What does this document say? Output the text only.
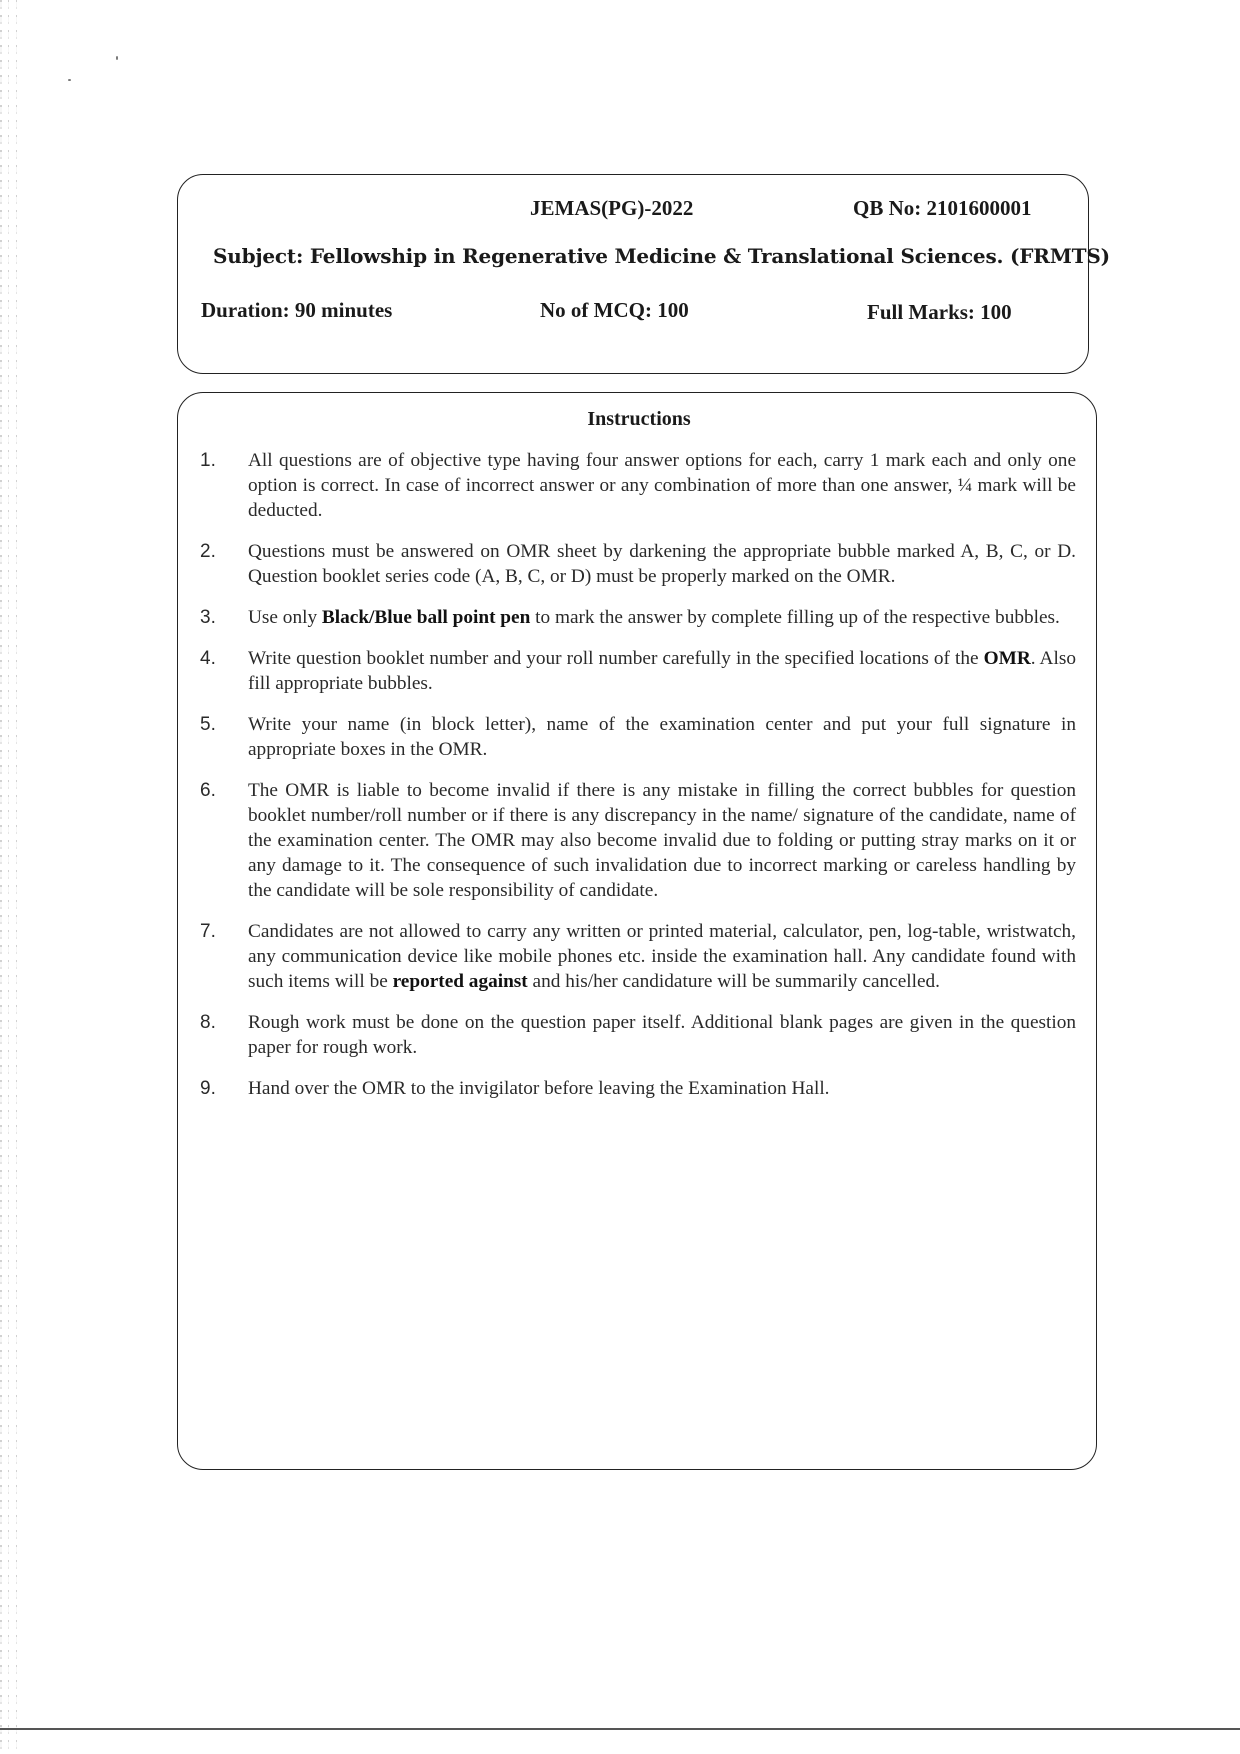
JEMAS(PG)-2022	QB No: 2101600001
Subject: Fellowship in Regenerative Medicine & Translational Sciences. (FRMTS)
Duration: 90 minutes	No of MCQ: 100	Full Marks: 100
Instructions
1.	All questions are of objective type having four answer options for each, carry 1 mark each and only one option is correct. In case of incorrect answer or any combination of more than one answer, ¼ mark will be deducted.
2.	Questions must be answered on OMR sheet by darkening the appropriate bubble marked A, B, C, or D. Question booklet series code (A, B, C, or D) must be properly marked on the OMR.
3.	Use only Black/Blue ball point pen to mark the answer by complete filling up of the respective bubbles.
4.	Write question booklet number and your roll number carefully in the specified locations of the OMR. Also fill appropriate bubbles.
5.	Write your name (in block letter), name of the examination center and put your full signature in appropriate boxes in the OMR.
6.	The OMR is liable to become invalid if there is any mistake in filling the correct bubbles for question booklet number/roll number or if there is any discrepancy in the name/ signature of the candidate, name of the examination center. The OMR may also become invalid due to folding or putting stray marks on it or any damage to it. The consequence of such invalidation due to incorrect marking or careless handling by the candidate will be sole responsibility of candidate.
7.	Candidates are not allowed to carry any written or printed material, calculator, pen, log-table, wristwatch, any communication device like mobile phones etc. inside the examination hall. Any candidate found with such items will be reported against and his/her candidature will be summarily cancelled.
8.	Rough work must be done on the question paper itself. Additional blank pages are given in the question paper for rough work.
9.	Hand over the OMR to the invigilator before leaving the Examination Hall.
